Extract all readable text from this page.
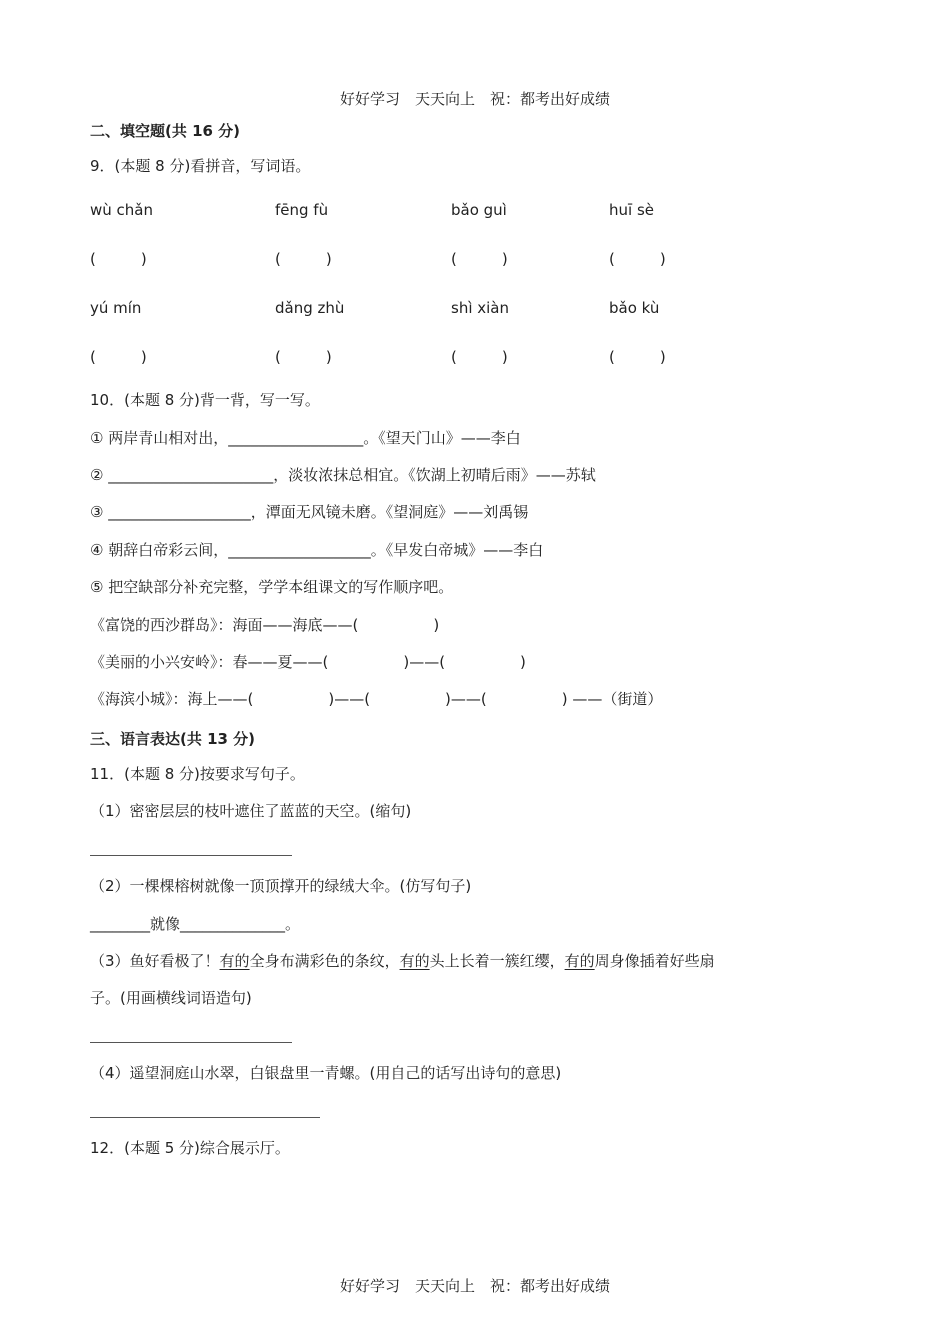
好好学习　天天向上　祝：都考出好成绩
二、填空题(共 16 分)
9．(本题 8 分)看拼音，写词语。
wù chǎn	fēng fù	bǎo guì	huī sè
(　　　)	(　　　)	(　　　)	(　　　)
yú mín	dǎng zhù	shì xiàn	bǎo kù
(　　　)	(　　　)	(　　　)	(　　　)
10．(本题 8 分)背一背，写一写。
① 两岸青山相对出，__________________。《望天门山》——李白
② ______________________，淡妆浓抹总相宜。《饮湖上初晴后雨》——苏轼
③ ___________________，潭面无风镜未磨。《望洞庭》——刘禹锡
④ 朝辞白帝彩云间，___________________。《早发白帝城》——李白
⑤ 把空缺部分补充完整，学学本组课文的写作顺序吧。
《富饶的西沙群岛》：海面——海底——(　　　　　)
《美丽的小兴安岭》：春——夏——(　　　　　)——(　　　　　)
《海滨小城》：海上——(　　　　　)——(　　　　　)——(　　　　　) ——（街道）
三、语言表达(共 13 分)
11．(本题 8 分)按要求写句子。
（1）密密层层的枝叶遮住了蓝蓝的天空。(缩句)
（2）一棵棵榕树就像一顶顶撑开的绿绒大伞。(仿写句子)
________就像______________。
（3）鱼好看极了！有的全身布满彩色的条纹，有的头上长着一簇红缨，有的周身像插着好些扇
子。(用画横线词语造句)
（4）遥望洞庭山水翠，白银盘里一青螺。(用自己的话写出诗句的意思)
12．(本题 5 分)综合展示厅。
好好学习　天天向上　祝：都考出好成绩
